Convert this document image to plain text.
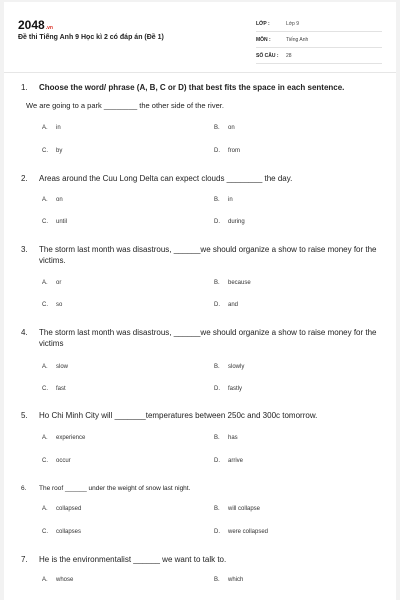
2048.vn
Đề thi Tiếng Anh 9 Học kì 2 có đáp án (Đề 1)
LỚP :	Lớp 9
MÔN :	Tiếng Anh
SỐ CÂU :	28
1. Choose the word/ phrase (A, B, C or D) that best fits the space in each sentence.
We are going to a park ________ the other side of the river.
A. in	B. on
C. by	D. from
2. Areas around the Cuu Long Delta can expect clouds ________ the day.
A. on	B. in
C. until	D. during
3. The storm last month was disastrous, ______we should organize a show to raise money for the victims.
A. or	B. because
C. so	D. and
4. The storm last month was disastrous, ______we should organize a show to raise money for the victims
A. slow	B. slowly
C. fast	D. fastly
5. Ho Chi Minh City will _______temperatures between 250c and 300c tomorrow.
A. experience	B. has
C. occur	D. arrive
6. The roof ______ under the weight of snow last night.
A. collapsed	B. will collapse
C. collapses	D. were collapsed
7. He is the environmentalist ______ we want to talk to.
A. whose	B. which
